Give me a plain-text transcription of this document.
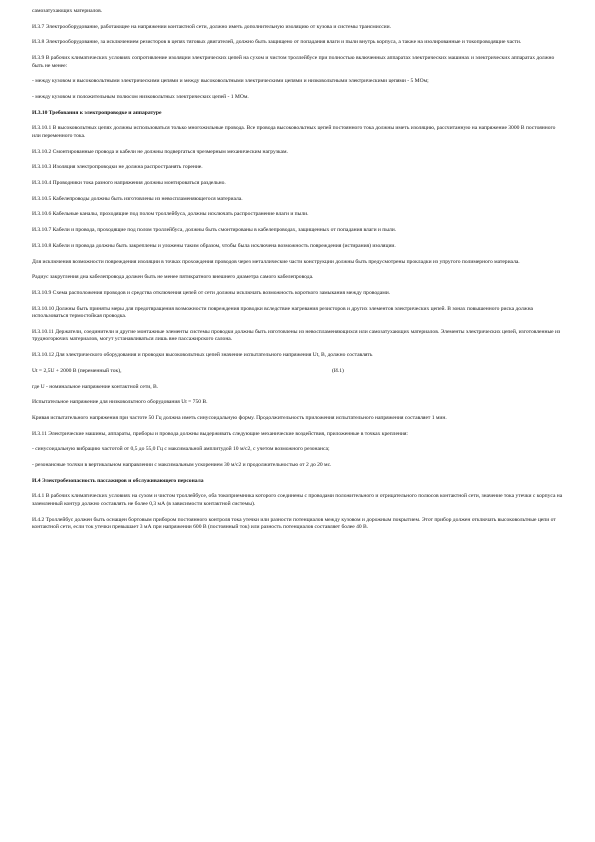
самозатухающих материалов.

И.3.7 Электрооборудование, работающее на напряжении контактной сети, должно иметь дополнительную изоляцию от кузова и системы трансмиссии.

И.3.8 Электрооборудование, за исключением резисторов в цепях тяговых двигателей, должно быть защищено от попадания влаги и пыли внутрь корпуса, а также на изолированные и токопроводящие части.

И.3.9 В рабочих климатических условиях сопротивление изоляции электрических цепей на сухом и чистом троллейбусе при полностью включенных аппаратах электрических машинах и электрических аппаратах должно быть не менее:

- между кузовом и высоковольтными электрическими цепями и между высоковольтными электрическими цепями и низковольтными электрическими цепями - 5 МОм;

- между кузовом и положительным полюсом низковольтных электрических цепей - 1 МОм.

И.3.10 Требования к электропроводке и аппаратуре

И.3.10.1 В высоковольтных цепях должны использоваться только многожильные провода. Все провода высоковольтных цепей постоянного тока должны иметь изоляцию, рассчитанную на напряжение 3000 В постоянного или переменного тока.

И.3.10.2 Смонтированные провода и кабели не должны подвергаться чрезмерным механическим нагрузкам.

И.3.10.3 Изоляция электропроводки не должна распространять горение.

И.3.10.4 Проводники тока разного напряжения должны монтироваться раздельно.

И.3.10.5 Кабелепроводы должны быть изготовлены из невоспламеняющегося материала.

И.3.10.6 Кабельные каналы, проходящие под полом троллейбуса, должны исключать распространение влаги и пыли.

И.3.10.7 Кабели и провода, проходящие под полом троллейбуса, должны быть смонтированы в кабелепроводах, защищенных от попадания влаги и пыли.

И.3.10.8 Кабели и провода должны быть закреплены и уложены таким образом, чтобы была исключена возможность повреждения (истирания) изоляции.

Для исключения возможности повреждения изоляции в точках прохождения проводов через металлические части конструкции должны быть предусмотрены прокладки из упругого полимерного материала.

Радиус закругления дна кабелепровода должен быть не менее пятикратного внешнего диаметра самого кабелепровода.

И.3.10.9 Схема расположения проводов и средства отключения цепей от сети должны исключать возможность короткого замыкания между проводами.

И.3.10.10 Должны быть приняты меры для предотвращения возможности повреждения проводки вследствие нагревания резисторов и других элементов электрических цепей. В зонах повышенного риска должна использоваться термостойкая проводка.

И.3.10.11 Держатели, соединители и другие монтажные элементы системы проводки должны быть изготовлены из невоспламеняющихся или самозатухающих материалов. Элементы электрических цепей, изготовленные из трудногорючих материалов, могут устанавливаться лишь вне пассажирского салона.

И.3.10.12 Для электрического оборудования и проводки высоковольтных цепей значение испытательного напряжения Ut, В, должно составлять

Ut = 2,5U + 2000 В (переменный ток),	(И.1)

где U - номинальное напряжение контактной сети, В.

Испытательное напряжение для низковольтного оборудования Ut = 750 В.

Кривая испытательного напряжения при частоте 50 Гц должна иметь синусоидальную форму. Продолжительность приложения испытательного напряжения составляет 1 мин.

И.3.11 Электрические машины, аппараты, приборы и провода должны выдерживать следующие механические воздействия, приложенные в точках крепления:

- синусоидальную вибрацию частотой от 0,5 до 55,0 Гц с максимальной амплитудой 10 м/с2, с учетом возможного резонанса;

- резонансные толчки в вертикальном направлении с максимальным ускорением 30 м/с2 и продолжительностью от 2 до 20 мс.

И.4 Электробезопасность пассажиров и обслуживающего персонала

И.4.1 В рабочих климатических условиях на сухом и чистом троллейбусе, оба токоприемника которого соединены с проводами положительного и отрицательного полюсов контактной сети, значение тока утечки с корпуса на заземленный контур должно составлять не более 0,3 мА (в зависимости контактной системы).

И.4.2 Троллейбус должен быть оснащен бортовым прибором постоянного контроля тока утечки или разности потенциалов между кузовом и дорожным покрытием. Этот прибор должен отключать высоковольтные цепи от контактной сети, если ток утечки превышает 3 мА при напряжении 600 В (постоянный ток) или разность потенциалов составляет более 40 В.
